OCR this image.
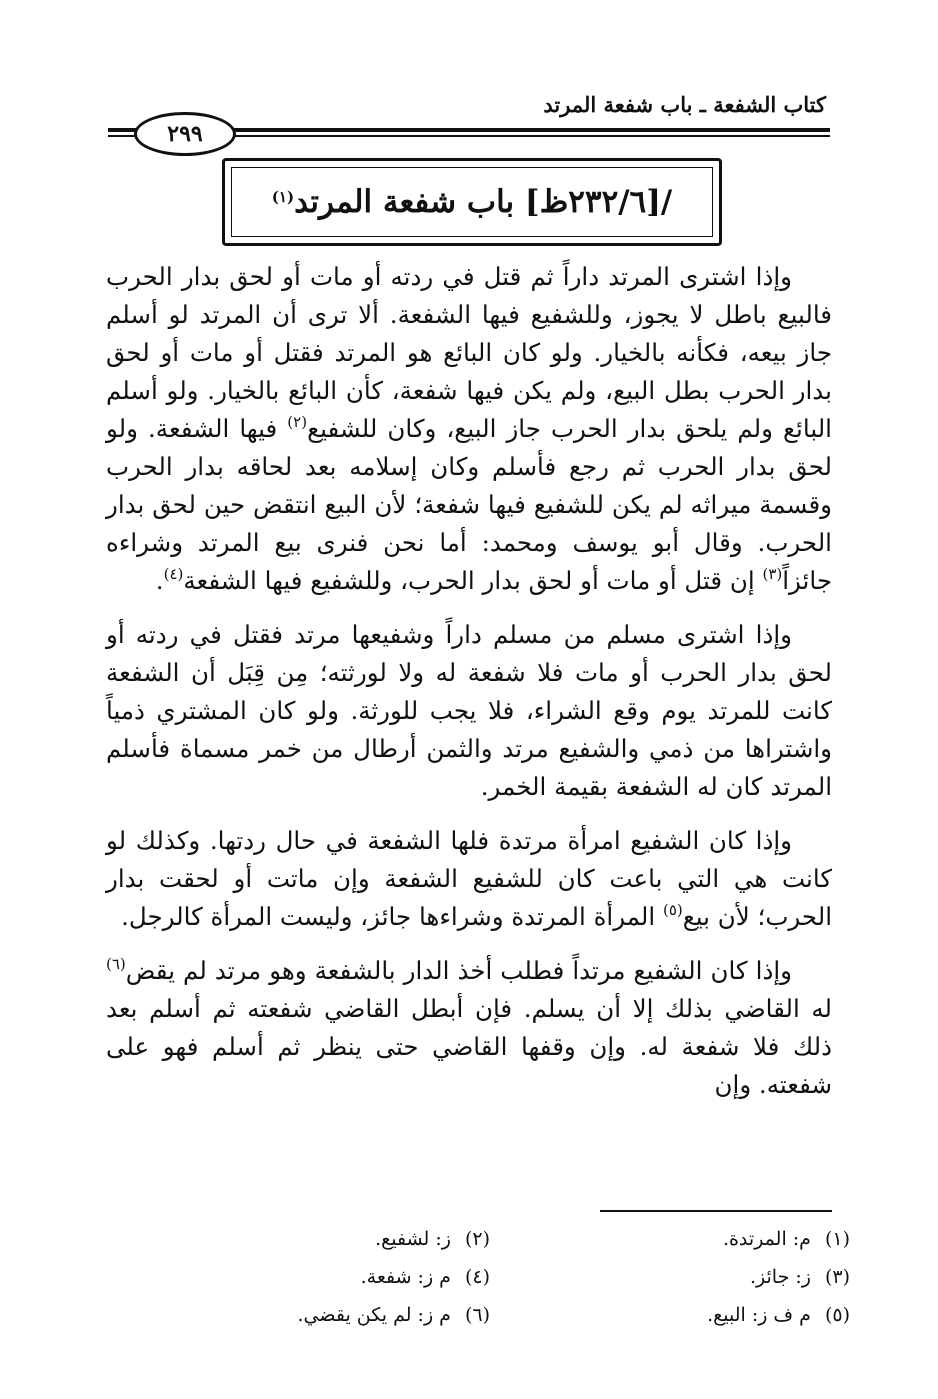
كتاب الشفعة ـ باب شفعة المرتد
٢٩٩
/[٢٣٢/٦ظ] باب شفعة المرتد$^{(١)}$

وإذا اشترى المرتد داراً ثم قتل في ردته أو مات أو لحق بدار الحرب فالبيع باطل لا يجوز، وللشفيع فيها الشفعة. ألا ترى أن المرتد لو أسلم جاز بيعه، فكأنه بالخيار. ولو كان البائع هو المرتد فقتل أو مات أو لحق بدار الحرب بطل البيع، ولم يكن فيها شفعة، كأن البائع بالخيار. ولو أسلم البائع ولم يلحق بدار الحرب جاز البيع، وكان للشفيع$^{(٢)}$ فيها الشفعة. ولو لحق بدار الحرب ثم رجع فأسلم وكان إسلامه بعد لحاقه بدار الحرب وقسمة ميراثه لم يكن للشفيع فيها شفعة؛ لأن البيع انتقض حين لحق بدار الحرب. وقال أبو يوسف ومحمد: أما نحن فنرى بيع المرتد وشراءه جائزاً$^{(٣)}$ إن قتل أو مات أو لحق بدار الحرب، وللشفيع فيها الشفعة$^{(٤)}$.

وإذا اشترى مسلم من مسلم داراً وشفيعها مرتد فقتل في ردته أو لحق بدار الحرب أو مات فلا شفعة له ولا لورثته؛ مِن قِبَل أن الشفعة كانت للمرتد يوم وقع الشراء، فلا يجب للورثة. ولو كان المشتري ذمياً واشتراها من ذمي والشفيع مرتد والثمن أرطال من خمر مسماة فأسلم المرتد كان له الشفعة بقيمة الخمر.

وإذا كان الشفيع امرأة مرتدة فلها الشفعة في حال ردتها. وكذلك لو كانت هي التي باعت كان للشفيع الشفعة وإن ماتت أو لحقت بدار الحرب؛ لأن بيع$^{(٥)}$ المرأة المرتدة وشراءها جائز، وليست المرأة كالرجل.

وإذا كان الشفيع مرتداً فطلب أخذ الدار بالشفعة وهو مرتد لم يقض$^{(٦)}$ له القاضي بذلك إلا أن يسلم. فإن أبطل القاضي شفعته ثم أسلم بعد ذلك فلا شفعة له. وإن وقفها القاضي حتى ينظر ثم أسلم فهو على شفعته. وإن

(١)م: المرتدة.
(٢)ز: لشفيع.
(٣)ز: جائز.
(٤)م ز: شفعة.
(٥)م ف ز: البيع.
(٦)م ز: لم يكن يقضي.
